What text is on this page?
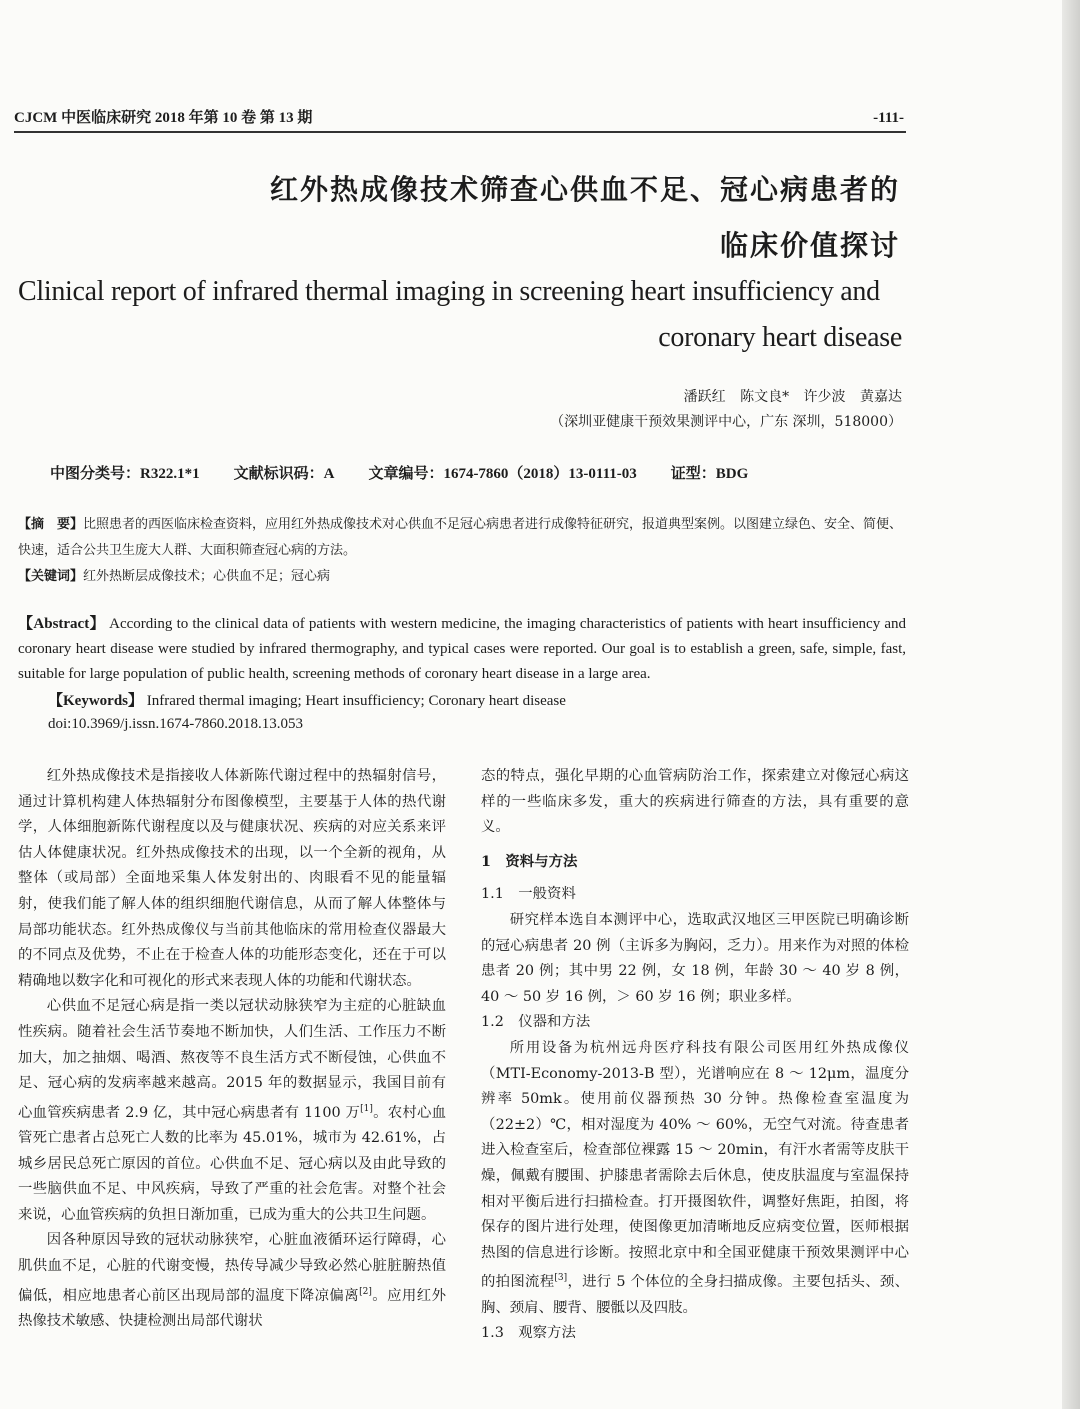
CJCM 中医临床研究 2018 年第 10 卷 第 13 期	-111-
红外热成像技术筛查心供血不足、冠心病患者的
临床价值探讨
Clinical report of infrared thermal imaging in screening heart insufficiency and
coronary heart disease
潘跃红 陈文良* 许少波 黄嘉达
（深圳亚健康干预效果测评中心，广东 深圳，518000）
中图分类号：R322.1*1 文献标识码：A 文章编号：1674-7860（2018）13-0111-03 证型：BDG
【摘　要】比照患者的西医临床检查资料，应用红外热成像技术对心供血不足冠心病患者进行成像特征研究，报道典型案例。以图建立绿色、安全、简便、快速，适合公共卫生庞大人群、大面积筛查冠心病的方法。
【关键词】红外热断层成像技术；心供血不足；冠心病
【Abstract】 According to the clinical data of patients with western medicine, the imaging characteristics of patients with heart insufficiency and coronary heart disease were studied by infrared thermography, and typical cases were reported. Our goal is to establish a green, safe, simple, fast, suitable for large population of public health, screening methods of coronary heart disease in a large area.
【Keywords】 Infrared thermal imaging; Heart insufficiency; Coronary heart disease
doi:10.3969/j.issn.1674-7860.2018.13.053

红外热成像技术是指接收人体新陈代谢过程中的热辐射信号，通过计算机构建人体热辐射分布图像模型，主要基于人体的热代谢学，人体细胞新陈代谢程度以及与健康状况、疾病的对应关系来评估人体健康状况。红外热成像技术的出现，以一个全新的视角，从整体（或局部）全面地采集人体发射出的、肉眼看不见的能量辐射，使我们能了解人体的组织细胞代谢信息，从而了解人体整体与局部功能状态。红外热成像仪与当前其他临床的常用检查仪器最大的不同点及优势，不止在于检查人体的功能形态变化，还在于可以精确地以数字化和可视化的形式来表现人体的功能和代谢状态。

心供血不足冠心病是指一类以冠状动脉狭窄为主症的心脏缺血性疾病。随着社会生活节奏地不断加快，人们生活、工作压力不断加大，加之抽烟、喝酒、熬夜等不良生活方式不断侵蚀，心供血不足、冠心病的发病率越来越高。2015 年的数据显示，我国目前有心血管疾病患者 2.9 亿，其中冠心病患者有 1100 万[1]。农村心血管死亡患者占总死亡人数的比率为 45.01%，城市为 42.61%，占城乡居民总死亡原因的首位。心供血不足、冠心病以及由此导致的一些脑供血不足、中风疾病，导致了严重的社会危害。对整个社会来说，心血管疾病的负担日渐加重，已成为重大的公共卫生问题。

因各种原因导致的冠状动脉狭窄，心脏血液循环运行障碍，心肌供血不足，心脏的代谢变慢，热传导减少导致必然心脏脏腑热值偏低，相应地患者心前区出现局部的温度下降凉偏离[2]。应用红外热像技术敏感、快捷检测出局部代谢状

态的特点，强化早期的心血管病防治工作，探索建立对像冠心病这样的一些临床多发，重大的疾病进行筛查的方法，具有重要的意义。

1　资料与方法

1.1　一般资料

研究样本选自本测评中心，选取武汉地区三甲医院已明确诊断的冠心病患者 20 例（主诉多为胸闷，乏力）。用来作为对照的体检患者 20 例；其中男 22 例，女 18 例，年龄 30 ～ 40 岁 8 例，40 ～ 50 岁 16 例，＞ 60 岁 16 例；职业多样。

1.2　仪器和方法

所用设备为杭州远舟医疗科技有限公司医用红外热成像仪（MTI-Economy-2013-B 型），光谱响应在 8 ～ 12μm，温度分辨率 50mk。使用前仪器预热 30 分钟。热像检查室温度为（22±2）℃，相对湿度为 40% ～ 60%，无空气对流。待查患者进入检查室后，检查部位裸露 15 ～ 20min，有汗水者需等皮肤干燥，佩戴有腰围、护膝患者需除去后休息，使皮肤温度与室温保持相对平衡后进行扫描检查。打开摄图软件，调整好焦距，拍图，将保存的图片进行处理，使图像更加清晰地反应病变位置，医师根据热图的信息进行诊断。按照北京中和全国亚健康干预效果测评中心的拍图流程[3]，进行 5 个体位的全身扫描成像。主要包括头、颈、胸、颈肩、腰背、腰骶以及四肢。

1.3　观察方法
